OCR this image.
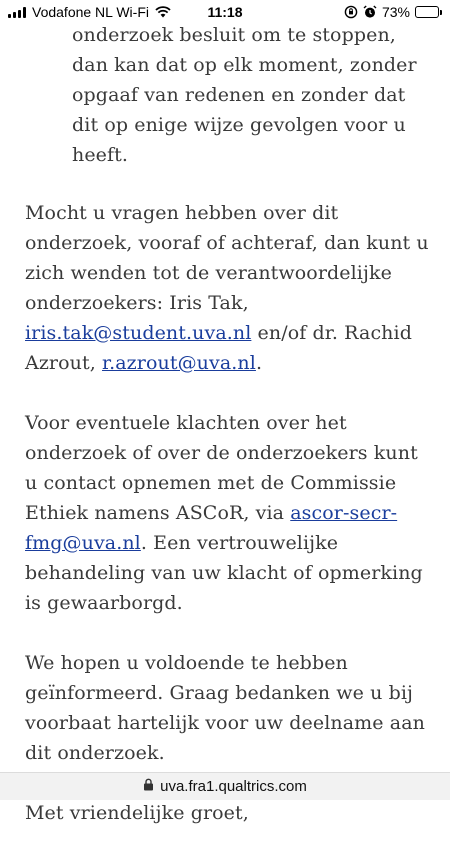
Vodafone NL Wi-Fi	11:18	73%

onderzoek besluit om te stoppen, dan kan dat op elk moment, zonder opgaaf van redenen en zonder dat dit op enige wijze gevolgen voor u heeft.

Mocht u vragen hebben over dit onderzoek, vooraf of achteraf, dan kunt u zich wenden tot de verantwoordelijke onderzoekers: Iris Tak, iris.tak@student.uva.nl en/of dr. Rachid Azrout, r.azrout@uva.nl.

Voor eventuele klachten over het onderzoek of over de onderzoekers kunt u contact opnemen met de Commissie Ethiek namens ASCoR, via ascor-secr-fmg@uva.nl. Een vertrouwelijke behandeling van uw klacht of opmerking is gewaarborgd.

We hopen u voldoende te hebben geïnformeerd. Graag bedanken we u bij voorbaat hartelijk voor uw deelname aan dit onderzoek.

Met vriendelijke groet,

uva.fra1.qualtrics.com
